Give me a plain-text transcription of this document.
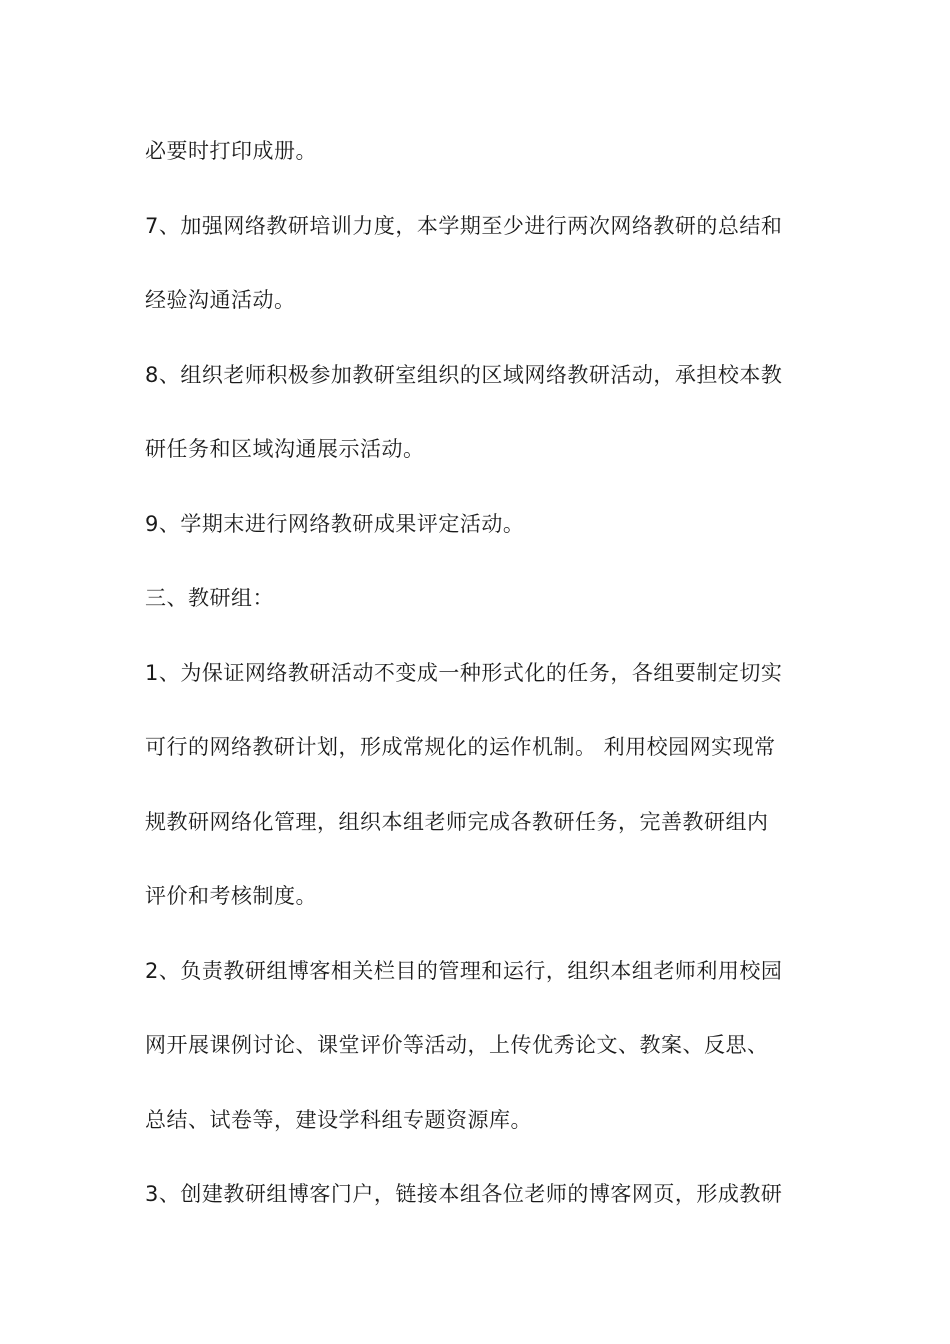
必要时打印成册。
7、加强网络教研培训力度，本学期至少进行两次网络教研的总结和
经验沟通活动。
8、组织老师积极参加教研室组织的区域网络教研活动，承担校本教
研任务和区域沟通展示活动。
9、学期末进行网络教研成果评定活动。
三、教研组：
1、为保证网络教研活动不变成一种形式化的任务，各组要制定切实
可行的网络教研计划，形成常规化的运作机制。 利用校园网实现常
规教研网络化管理，组织本组老师完成各教研任务，完善教研组内
评价和考核制度。
2、负责教研组博客相关栏目的管理和运行，组织本组老师利用校园
网开展课例讨论、课堂评价等活动，上传优秀论文、教案、反思、
总结、试卷等，建设学科组专题资源库。
3、创建教研组博客门户，链接本组各位老师的博客网页，形成教研
